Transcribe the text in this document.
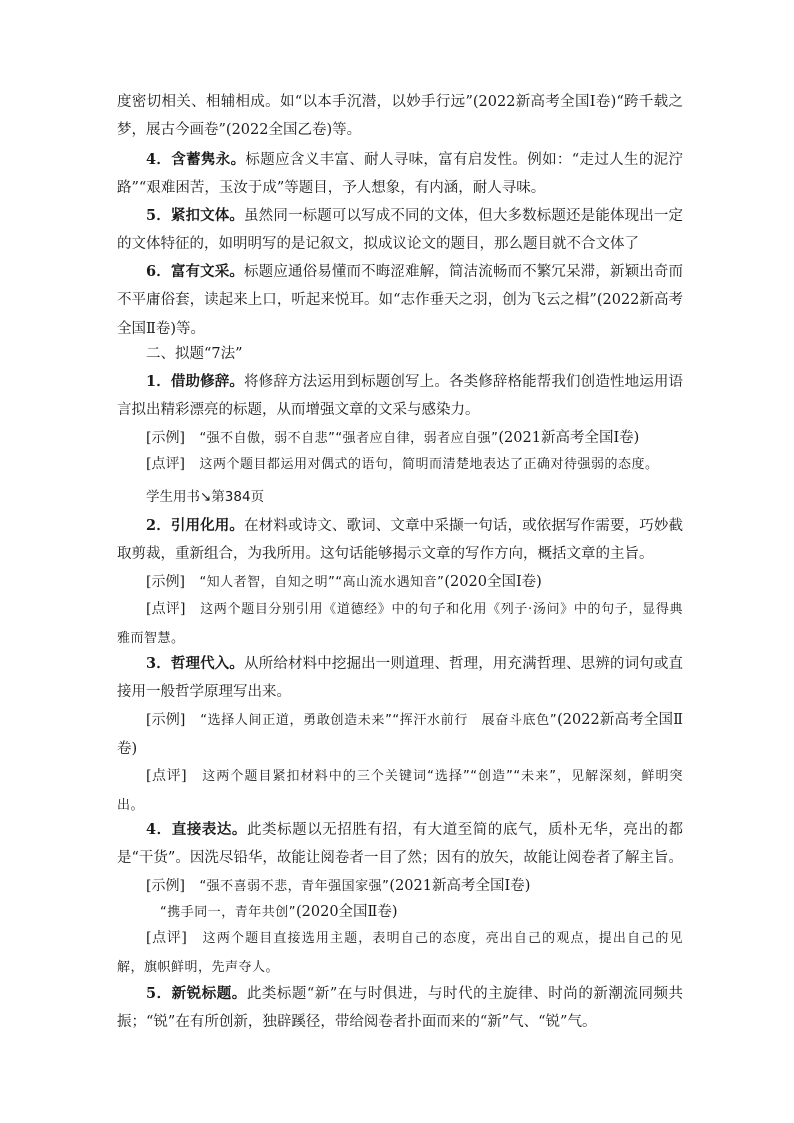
度密切相关、相辅相成。如“以本手沉潜，以妙手行远”(2022新高考全国Ⅰ卷)“跨千载之梦，展古今画卷”(2022全国乙卷)等。

4．含蓄隽永。标题应含义丰富、耐人寻味，富有启发性。例如：“走过人生的泥泞路”“艰难困苦，玉汝于成”等题目，予人想象，有内涵，耐人寻味。

5．紧扣文体。虽然同一标题可以写成不同的文体，但大多数标题还是能体现出一定的文体特征的，如明明写的是记叙文，拟成议论文的题目，那么题目就不合文体了

6．富有文采。标题应通俗易懂而不晦涩难解，简洁流畅而不繁冗呆滞，新颖出奇而不平庸俗套，读起来上口，听起来悦耳。如“志作垂天之羽，创为飞云之楫”(2022新高考全国Ⅱ卷)等。

二、拟题“7法”

1．借助修辞。将修辞方法运用到标题创写上。各类修辞格能帮我们创造性地运用语言拟出精彩漂亮的标题，从而增强文章的文采与感染力。

[示例]　 “强不自傲，弱不自悲”“强者应自律，弱者应自强”(2021新高考全国Ⅰ卷)

[点评]　 这两个题目都运用对偶式的语句，简明而清楚地表达了正确对待强弱的态度。

学生用书↘第384页

2．引用化用。在材料或诗文、歌词、文章中采撷一句话，或依据写作需要，巧妙截取剪裁，重新组合，为我所用。这句话能够揭示文章的写作方向，概括文章的主旨。

[示例]　 “知人者智，自知之明”“高山流水遇知音”(2020全国Ⅰ卷)

[点评]　 这两个题目分别引用《道德经》中的句子和化用《列子·汤问》中的句子，显得典雅而智慧。

3．哲理代入。从所给材料中挖掘出一则道理、哲理，用充满哲理、思辨的词句或直接用一般哲学原理写出来。

[示例]　 “选择人间正道，勇敢创造未来”“挥汗水前行　展奋斗底色”(2022新高考全国Ⅱ卷)

[点评]　 这两个题目紧扣材料中的三个关键词“选择”“创造”“未来”，见解深刻，鲜明突出。

4．直接表达。此类标题以无招胜有招，有大道至简的底气，质朴无华，亮出的都是“干货”。因洗尽铅华，故能让阅卷者一目了然；因有的放矢，故能让阅卷者了解主旨。

[示例]　 “强不喜弱不悲，青年强国家强”(2021新高考全国Ⅰ卷)

“携手同一，青年共创”(2020全国Ⅱ卷)

[点评]　 这两个题目直接选用主题，表明自己的态度，亮出自己的观点，提出自己的见解，旗帜鲜明，先声夺人。

5．新锐标题。此类标题“新”在与时俱进，与时代的主旋律、时尚的新潮流同频共振；“锐”在有所创新，独辟蹊径，带给阅卷者扑面而来的“新”气、“锐”气。
